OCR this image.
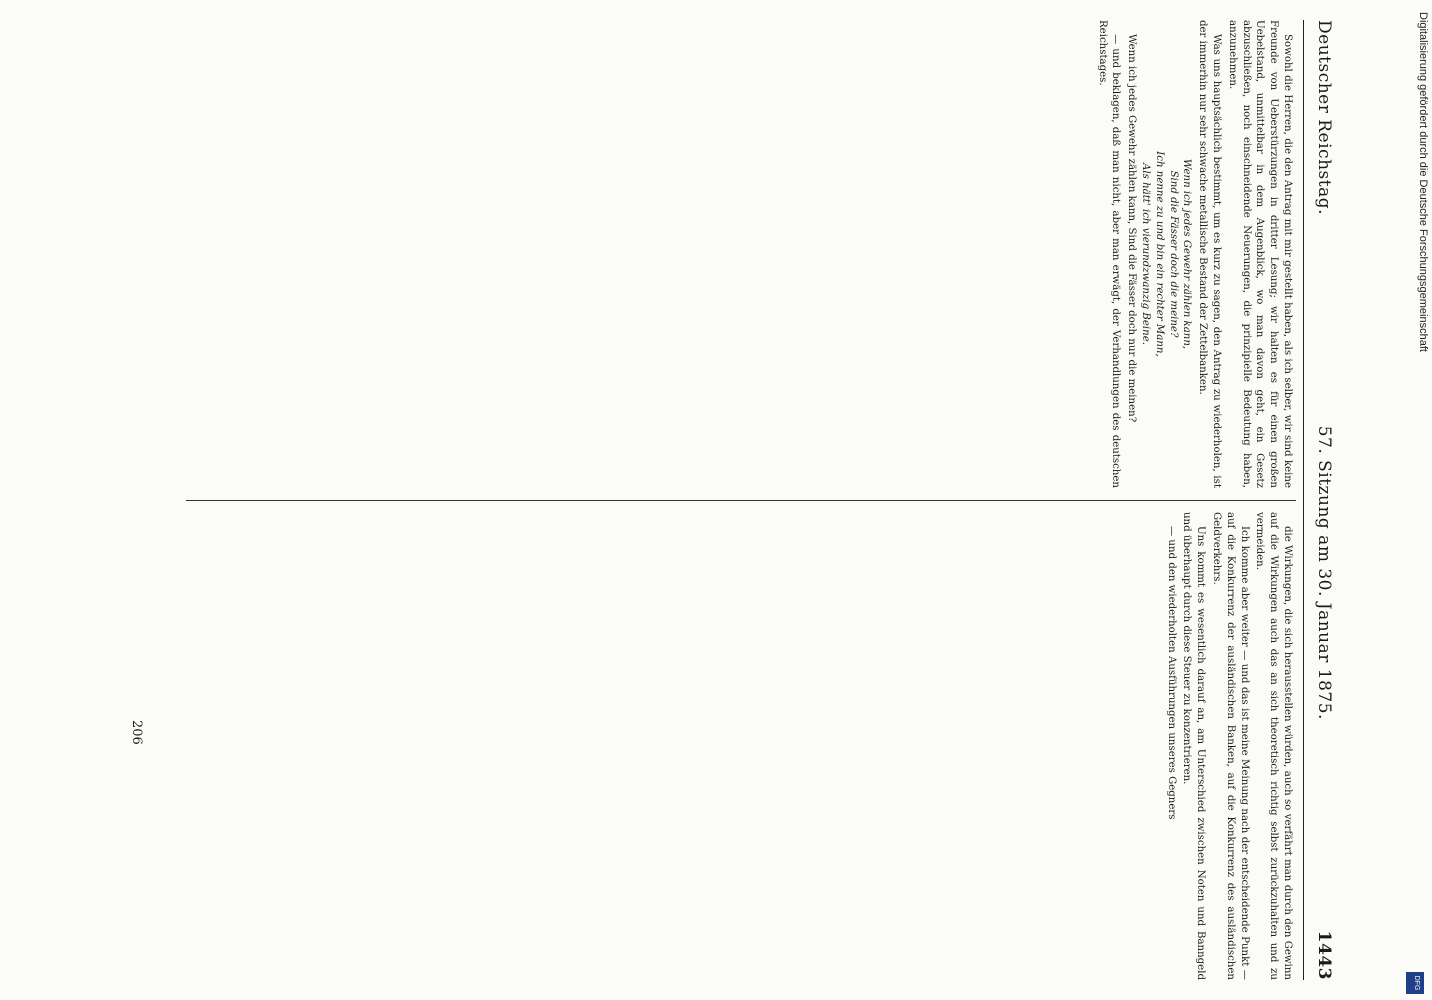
Deutscher Reichstag.
57. Sitzung am 30. Januar 1875.
1443

Sowohl die Herren, die den Antrag mit mir gestellt haben, als ich selber, wir sind keine Freunde von Ueberstürzungen in dritter Lesung; wir halten es für einen großen Uebelstand, unmittelbar in dem Augenblick, wo man davon geht, ein Gesetz abzuschließen, noch einschneidende Neuerungen, die prinzipielle Bedeutung haben, anzunehmen.

Was uns hauptsächlich bestimmt, um es kurz zu sagen, den Antrag zu wiederholen, ist der immerhin nur sehr schwache metallische Bestand der Zettelbanken.

Wenn ich jedes Gewehr zählen kann,

Sind die Fässer doch die meine?

Ich nenne zu und bin ein rechter Mann,

Als hätt' ich vierundzwanzig Beine.

Wenn ich jedes Gewehr zählen kann, Sind die Fässer doch nur die meinen?

— und beklagen, daß man nicht, aber man erwägt, der Verhandlungen des deutschen Reichstages.

die Wirkungen, die sich herausstellen würden, auch so verfährt man durch den Gewinn auf die Wirkungen auch das an sich theoretisch richtig selbst zurückzuhalten und zu vermeiden.

Ich komme aber weiter — und das ist meine Meinung nach der entscheidende Punkt — auf die Konkurrenz der ausländischen Banken, auf die Konkurrenz des ausländischen Geldverkehrs.

Uns kommt es wesentlich darauf an, am Unterschied zwischen Noten und Banngeld und überhaupt durch diese Steuer zu konzentrieren.

— und den wiederholten Ausführungen unseres Gegners

206
Digitalisierung gefördert durch die Deutsche Forschungsgemeinschaft
DFG
